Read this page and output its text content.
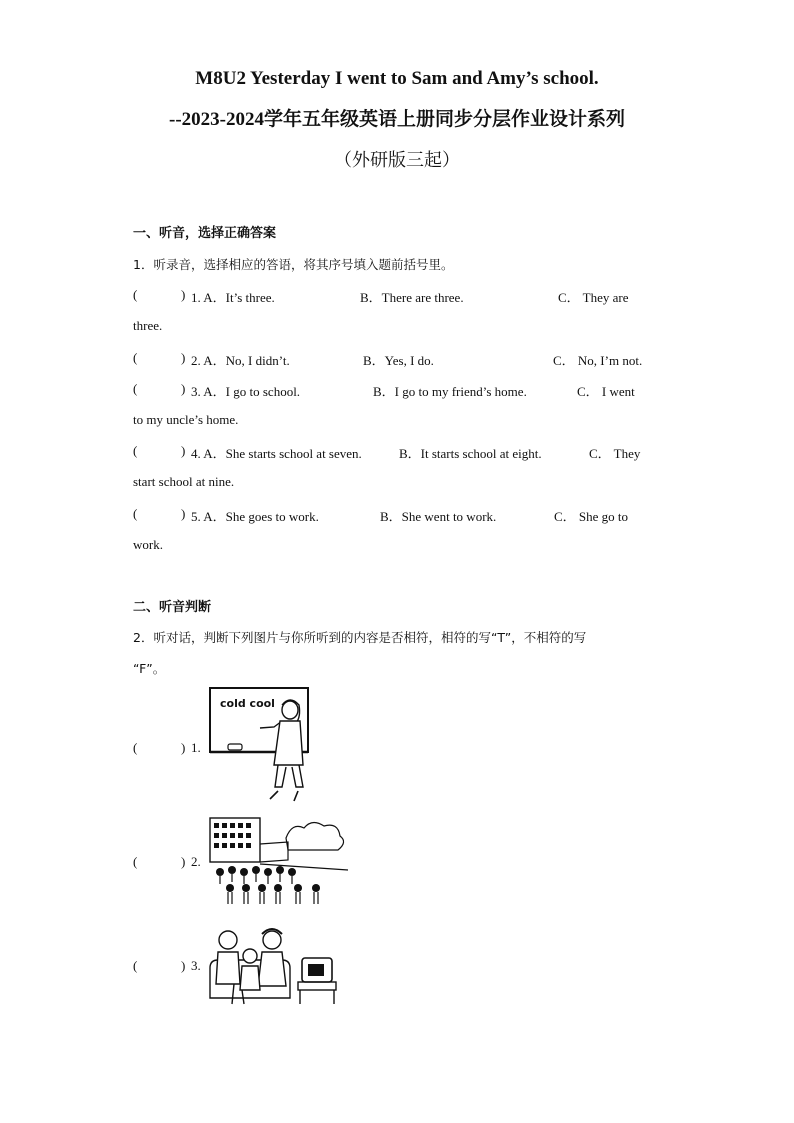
M8U2 Yesterday I went to Sam and Amy’s school.
--2023-2024学年五年级英语上册同步分层作业设计系列
（外研版三起）
一、听音，选择正确答案
1．听录音，选择相应的答语，将其序号填入题前括号里。
(	) 1. A．It’s three.	B．There are three.	C． They are
three.
(	) 2. A．No, I didn’t.	B．Yes, I do.	C． No, I’m not.
(	) 3. A．I go to school.	B．I go to my friend’s home.	C． I went
to my uncle’s home.
(	) 4. A．She starts school at seven.	B．It starts school at eight.	C． They
start school at nine.
(	) 5. A．She goes to work.	B．She went to work.	C． She go to
work.
二、听音判断
2．听对话，判断下列图片与你所听到的内容是否相符，相符的写“T”，不相符的写
“F”。
(	) 1.
cold cool
(	) 2.
(	) 3.
